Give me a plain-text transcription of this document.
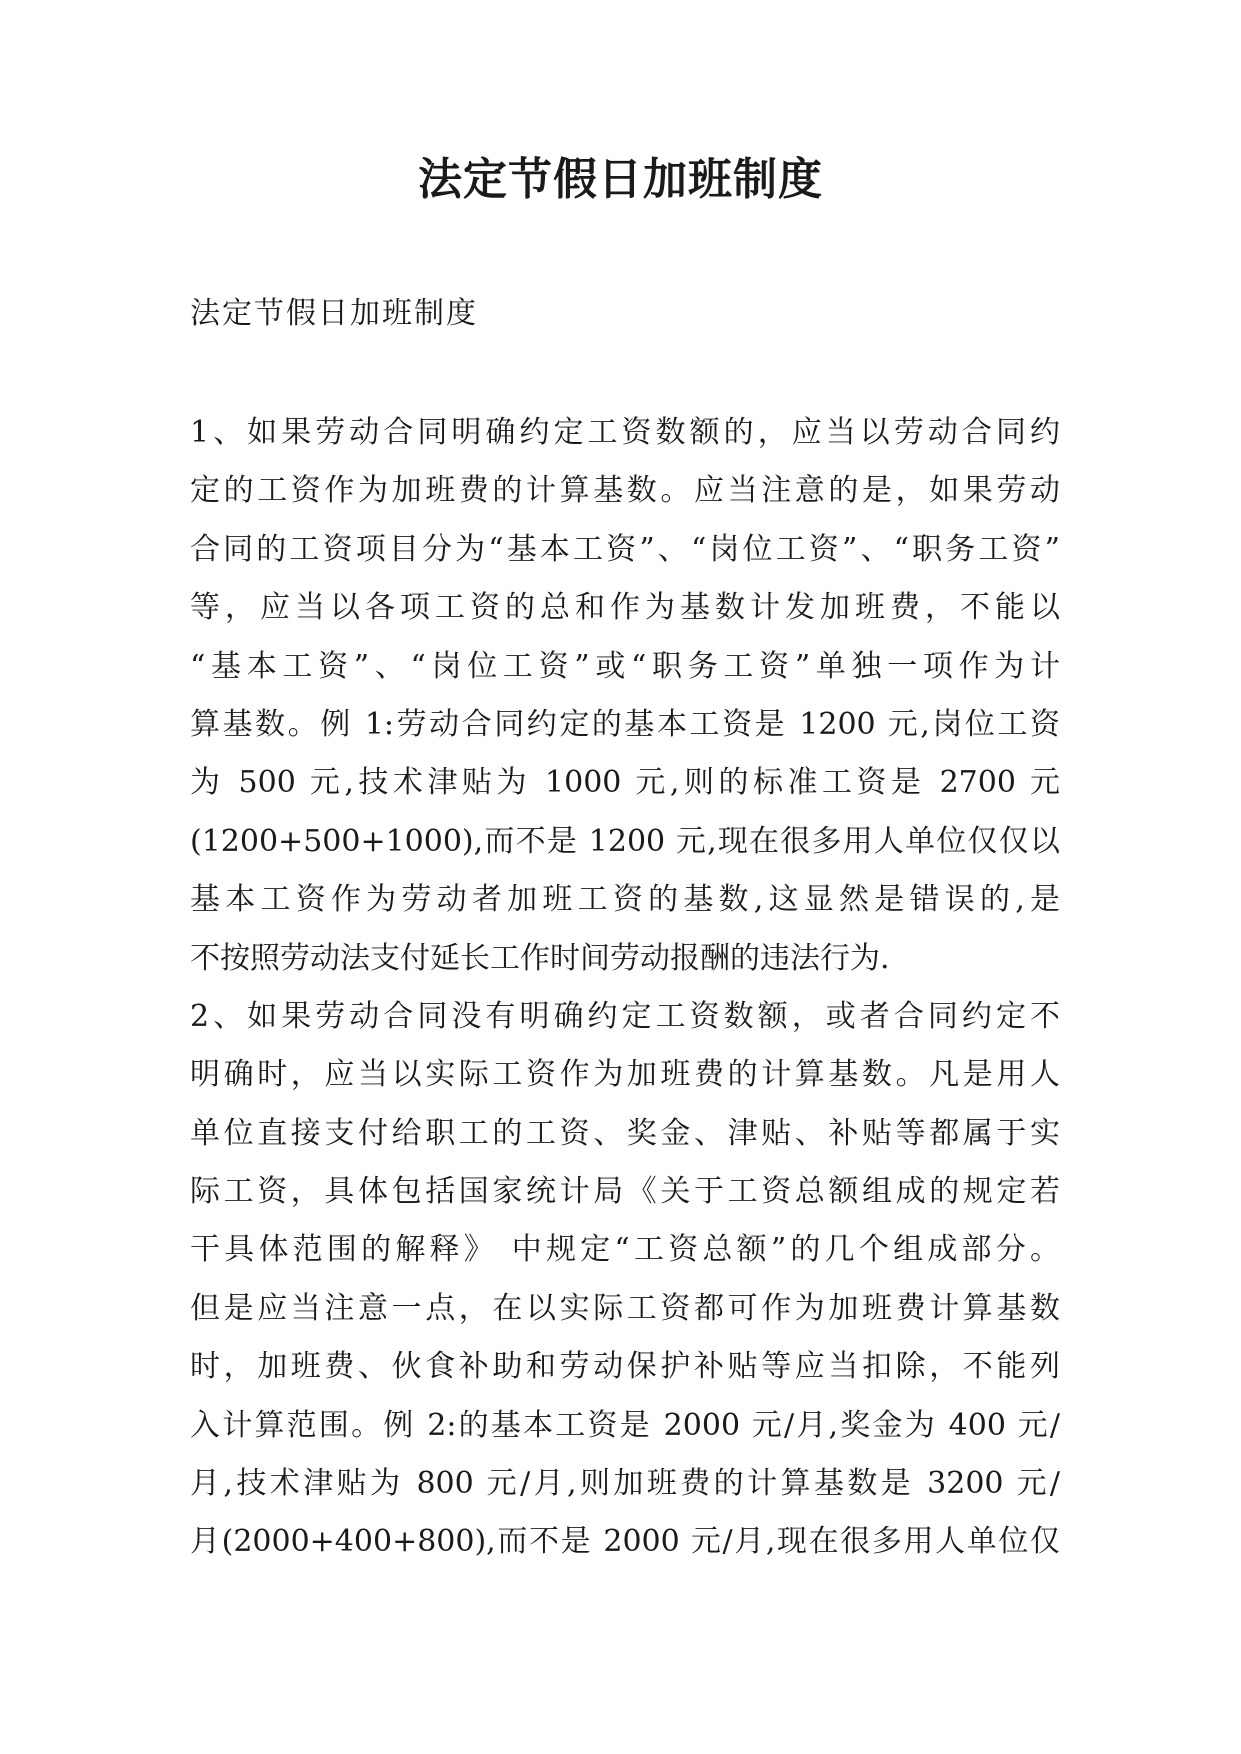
法定节假日加班制度

法定节假日加班制度

1、如果劳动合同明确约定工资数额的，应当以劳动合同约
定的工资作为加班费的计算基数。应当注意的是，如果劳动
合同的工资项目分为“基本工资”、“岗位工资”、“职务工资”
等，应当以各项工资的总和作为基数计发加班费，不能以
“基本工资”、“岗位工资”或“职务工资”单独一项作为计
算基数。例 1:劳动合同约定的基本工资是 1200 元,岗位工资
为 500 元,技术津贴为 1000 元,则的标准工资是 2700 元
(1200+500+1000),而不是 1200 元,现在很多用人单位仅仅以
基本工资作为劳动者加班工资的基数,这显然是错误的,是
不按照劳动法支付延长工作时间劳动报酬的违法行为.
2、如果劳动合同没有明确约定工资数额，或者合同约定不
明确时，应当以实际工资作为加班费的计算基数。凡是用人
单位直接支付给职工的工资、奖金、津贴、补贴等都属于实
际工资，具体包括国家统计局《关于工资总额组成的规定若
干具体范围的解释》 中规定“工资总额”的几个组成部分。
但是应当注意一点，在以实际工资都可作为加班费计算基数
时，加班费、伙食补助和劳动保护补贴等应当扣除，不能列
入计算范围。例 2:的基本工资是 2000 元/月,奖金为 400 元/
月,技术津贴为 800 元/月,则加班费的计算基数是 3200 元/
月(2000+400+800),而不是 2000 元/月,现在很多用人单位仅
